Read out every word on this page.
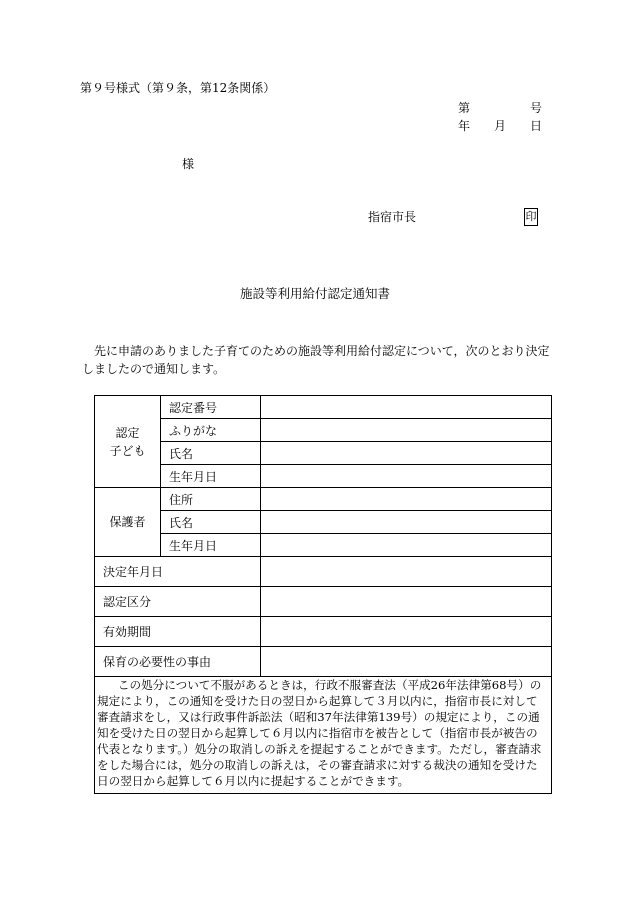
第９号様式（第９条，第12条関係）
第	号
年 月 日
様
指宿市長	印
施設等利用給付認定通知書
先に申請のありました子育てのための施設等利用給付認定について，次のとおり決定しましたので通知します。
認定
子ども	認定番号	
	ふりがな	
	氏名	
	生年月日	
保護者	住所	
	氏名	
	生年月日	
決定年月日		
認定区分		
有効期間		
保育の必要性の事由		
この処分について不服があるときは，行政不服審査法（平成26年法律第68号）の規定により，この通知を受けた日の翌日から起算して３月以内に，指宿市長に対して審査請求をし，又は行政事件訴訟法（昭和37年法律第139号）の規定により，この通知を受けた日の翌日から起算して６月以内に指宿市を被告として（指宿市長が被告の代表となります。）処分の取消しの訴えを提起することができます。ただし，審査請求をした場合には，処分の取消しの訴えは，その審査請求に対する裁決の通知を受けた日の翌日から起算して６月以内に提起することができます。		
